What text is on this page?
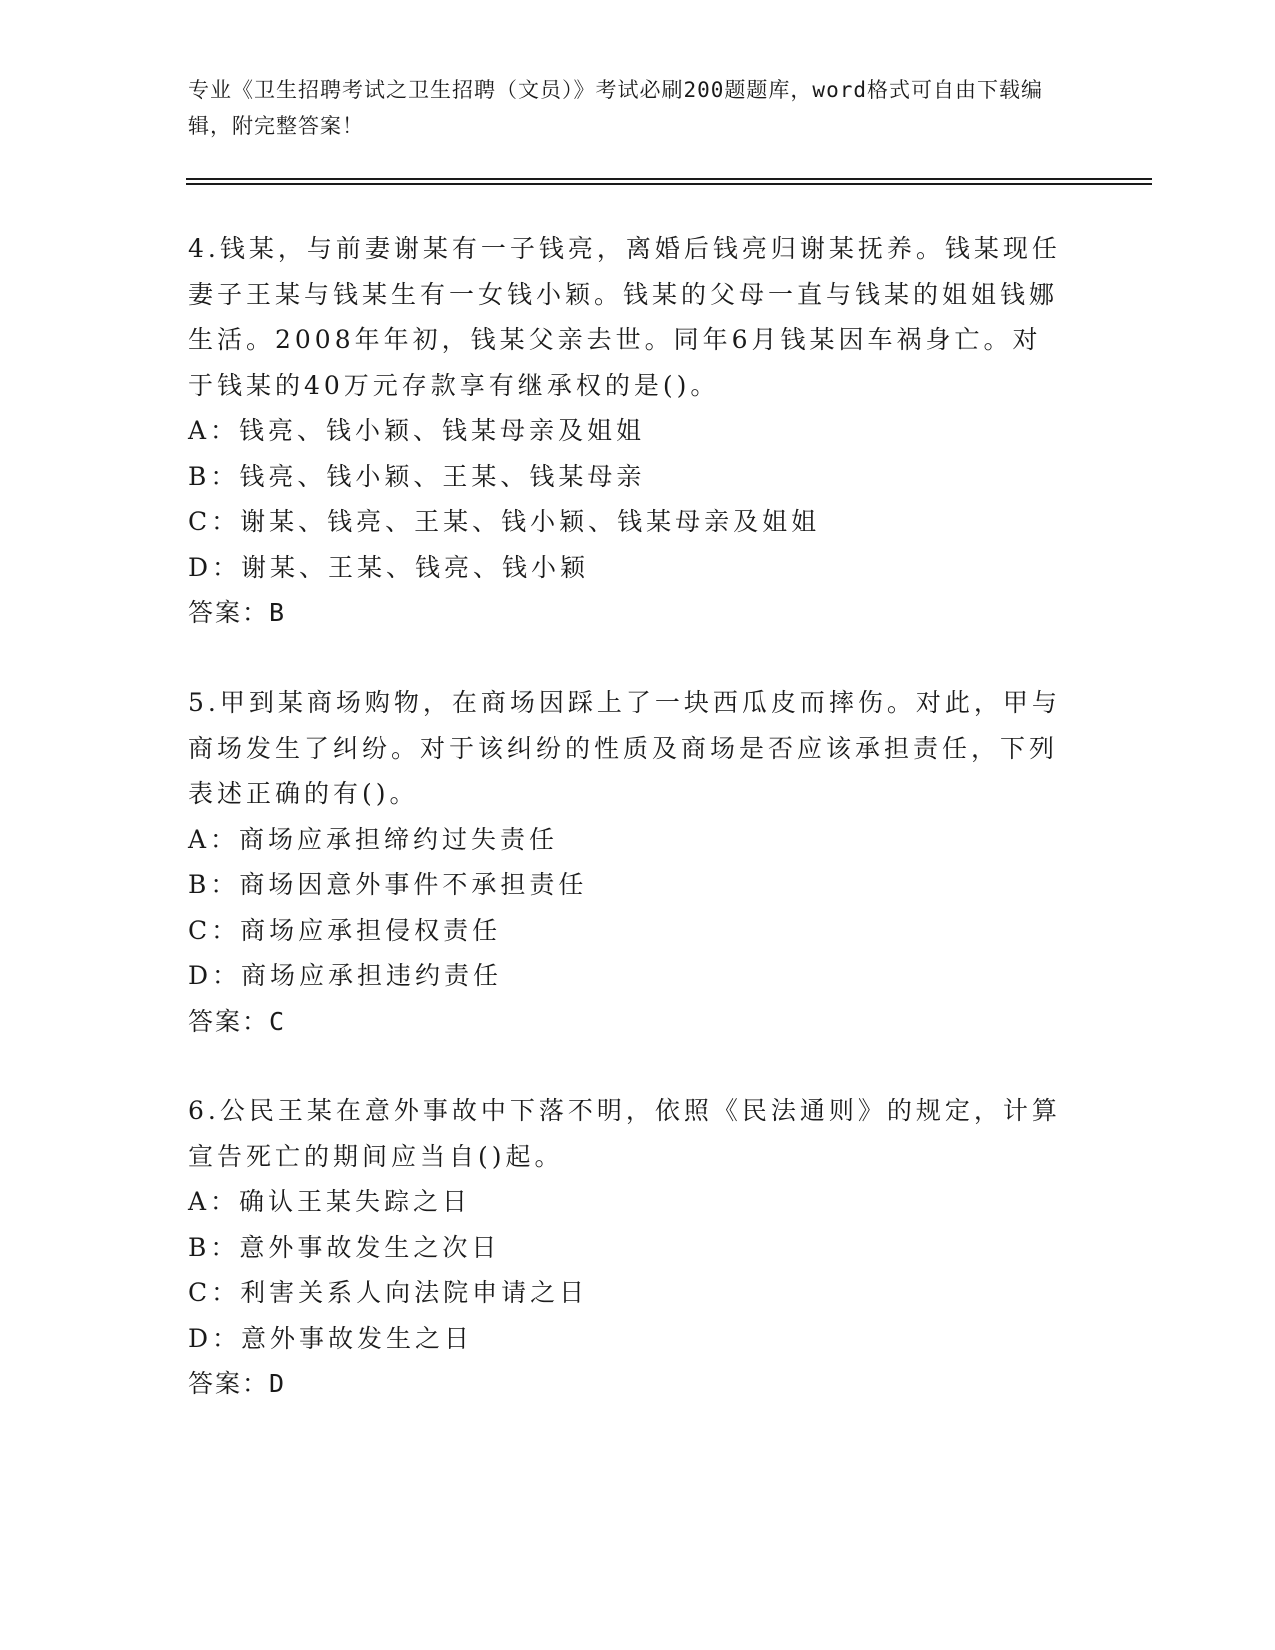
专业《卫生招聘考试之卫生招聘（文员）》考试必刷200题题库，word格式可自由下载编辑，附完整答案！

4.钱某，与前妻谢某有一子钱亮，离婚后钱亮归谢某抚养。钱某现任妻子王某与钱某生有一女钱小颖。钱某的父母一直与钱某的姐姐钱娜生活。2008年年初，钱某父亲去世。同年6月钱某因车祸身亡。对于钱某的40万元存款享有继承权的是()。

A：钱亮、钱小颖、钱某母亲及姐姐
B：钱亮、钱小颖、王某、钱某母亲
C：谢某、钱亮、王某、钱小颖、钱某母亲及姐姐
D：谢某、王某、钱亮、钱小颖
答案：B

5.甲到某商场购物，在商场因踩上了一块西瓜皮而摔伤。对此，甲与商场发生了纠纷。对于该纠纷的性质及商场是否应该承担责任，下列表述正确的有()。

A：商场应承担缔约过失责任
B：商场因意外事件不承担责任
C：商场应承担侵权责任
D：商场应承担违约责任
答案：C

6.公民王某在意外事故中下落不明，依照《民法通则》的规定，计算宣告死亡的期间应当自()起。

A：确认王某失踪之日
B：意外事故发生之次日
C：利害关系人向法院申请之日
D：意外事故发生之日
答案：D
